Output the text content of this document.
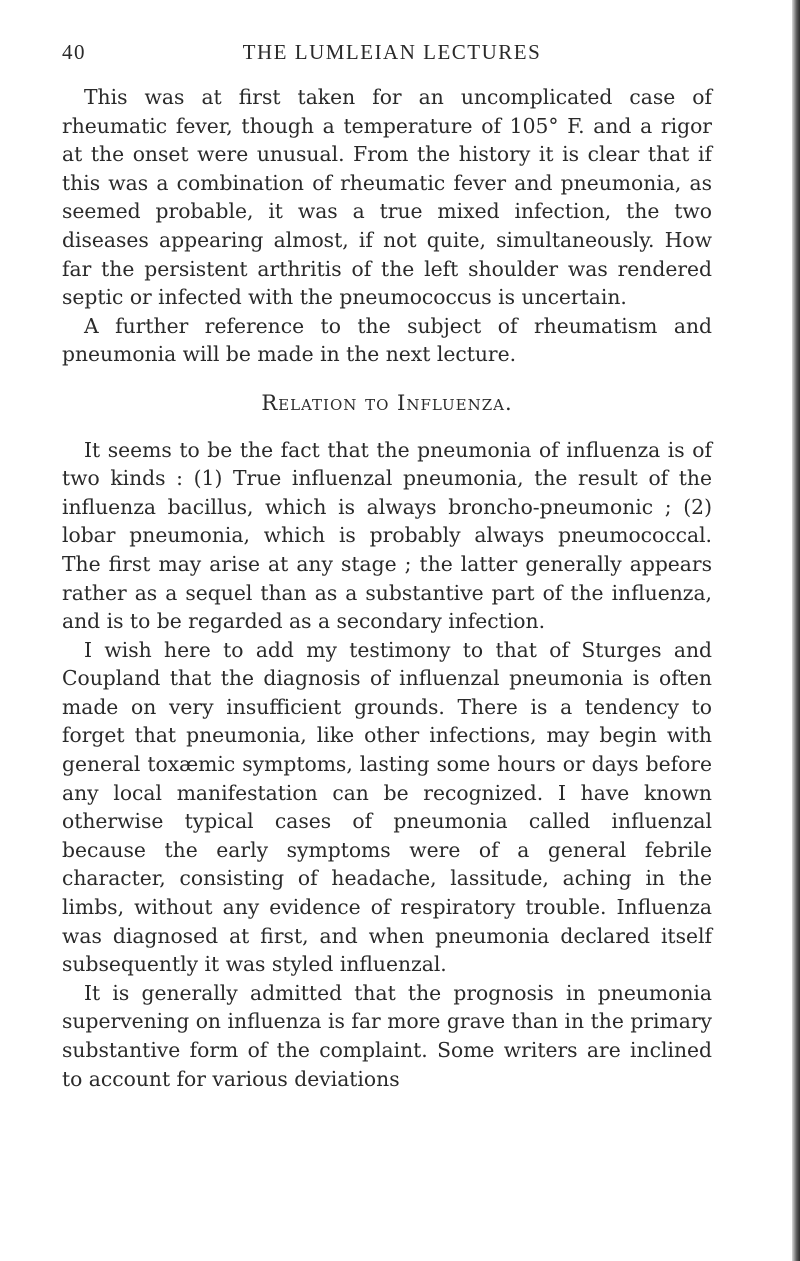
40	THE LUMLEIAN LECTURES

This was at first taken for an uncomplicated case of rheumatic fever, though a temperature of 105° F. and a rigor at the onset were unusual. From the history it is clear that if this was a combination of rheumatic fever and pneumonia, as seemed probable, it was a true mixed infection, the two diseases appearing almost, if not quite, simultaneously. How far the persistent arthritis of the left shoulder was rendered septic or infected with the pneumococcus is uncertain.

A further reference to the subject of rheumatism and pneumonia will be made in the next lecture.

Relation to Influenza.

It seems to be the fact that the pneumonia of influenza is of two kinds : (1) True influenzal pneumonia, the result of the influenza bacillus, which is always broncho-pneumonic ; (2) lobar pneumonia, which is probably always pneumococcal. The first may arise at any stage ; the latter generally appears rather as a sequel than as a substantive part of the influenza, and is to be regarded as a secondary infection.

I wish here to add my testimony to that of Sturges and Coupland that the diagnosis of influenzal pneumonia is often made on very insufficient grounds. There is a tendency to forget that pneumonia, like other infections, may begin with general toxæmic symptoms, lasting some hours or days before any local manifestation can be recognized. I have known otherwise typical cases of pneumonia called influenzal because the early symptoms were of a general febrile character, consisting of headache, lassitude, aching in the limbs, without any evidence of respiratory trouble. Influenza was diagnosed at first, and when pneumonia declared itself subsequently it was styled influenzal.

It is generally admitted that the prognosis in pneumonia supervening on influenza is far more grave than in the primary substantive form of the complaint. Some writers are inclined to account for various deviations
